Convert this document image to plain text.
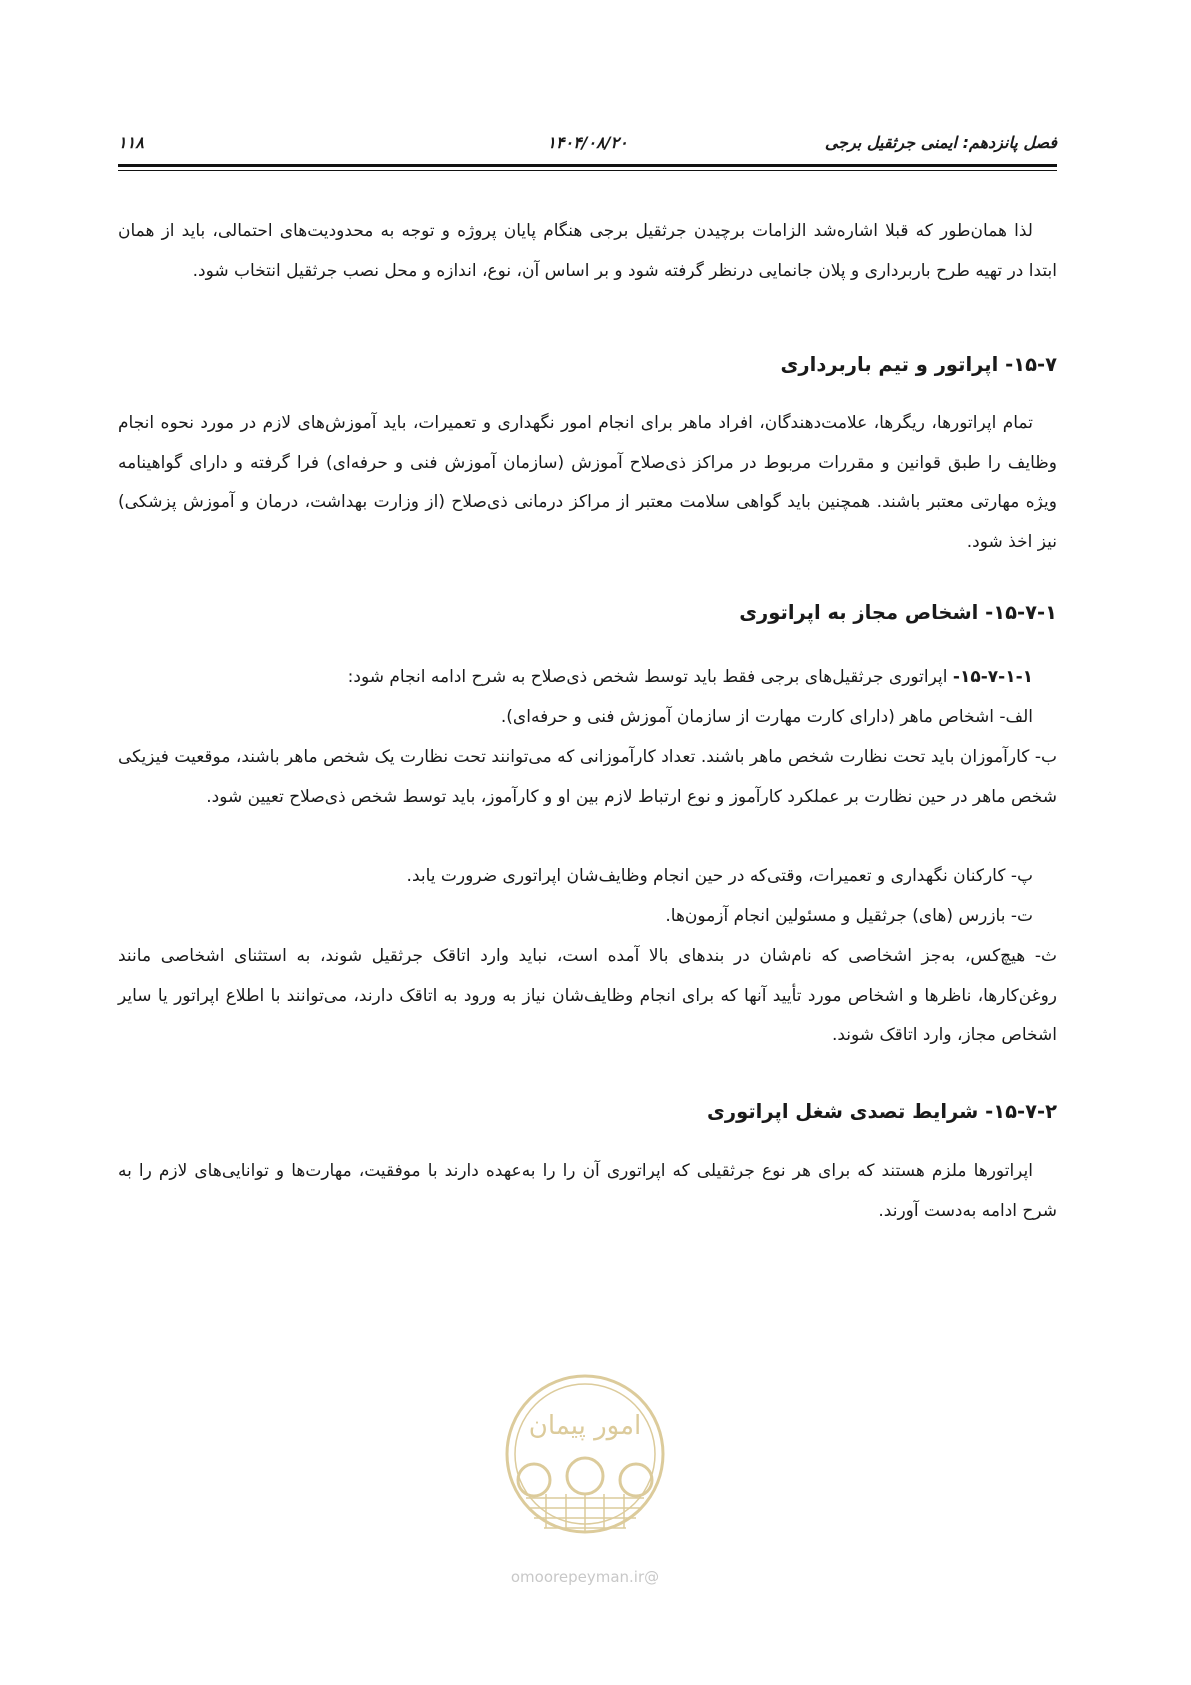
فصل پانزدهم: ایمنی جرثقیل برجی
۱۴۰۴/۰۸/۲۰
۱۱۸
لذا همان‌طور که قبلا اشاره‌شد الزامات برچیدن جرثقیل برجی هنگام پایان پروژه و توجه به محدودیت‌های احتمالی، باید از همان ابتدا در تهیه طرح باربرداری و پلان جانمایی درنظر گرفته شود و بر اساس آن، نوع، اندازه و محل نصب جرثقیل انتخاب شود.
۱۵-۷- اپراتور و تیم باربرداری
تمام اپراتورها، ریگرها، علامت‌دهندگان، افراد ماهر برای انجام امور نگهداری و تعمیرات، باید آموزش‌های لازم در مورد نحوه انجام وظایف را طبق قوانین و مقررات مربوط در مراکز ذی‌صلاح آموزش (سازمان آموزش فنی و حرفه‌ای) فرا گرفته و دارای گواهینامه ویژه مهارتی معتبر باشند. همچنین باید گواهی سلامت معتبر از مراکز درمانی ذی‌صلاح (از وزارت بهداشت، درمان و آموزش پزشکی) نیز اخذ شود.
۱۵-۷-۱- اشخاص مجاز به اپراتوری
۱۵-۷-۱-۱- اپراتوری جرثقیل‌های برجی فقط باید توسط شخص ذی‌صلاح به شرح ادامه انجام شود:
الف- اشخاص ماهر (دارای کارت مهارت از سازمان آموزش فنی و حرفه‌ای).
ب- کارآموزان باید تحت نظارت شخص ماهر باشند. تعداد کارآموزانی که می‌توانند تحت نظارت یک شخص ماهر باشند، موقعیت فیزیکی شخص ماهر در حین نظارت بر عملکرد کارآموز و نوع ارتباط لازم بین او و کارآموز، باید توسط شخص ذی‌صلاح تعیین شود.
پ- کارکنان نگهداری و تعمیرات، وقتی‌که در حین انجام وظایف‌شان اپراتوری ضرورت یابد.
ت- بازرس (های) جرثقیل و مسئولین انجام آزمون‌ها.
ث- هیچ‌کس، به‌جز اشخاصی که نام‌شان در بندهای بالا آمده است، نباید وارد اتاقک جرثقیل شوند، به استثنای اشخاصی مانند روغن‌کارها، ناظرها و اشخاص مورد تأیید آنها که برای انجام وظایف‌شان نیاز به ورود به اتاقک دارند، می‌توانند با اطلاع اپراتور یا سایر اشخاص مجاز، وارد اتاقک شوند.
۱۵-۷-۲- شرایط تصدی شغل اپراتوری
اپراتورها ملزم هستند که برای هر نوع جرثقیلی که اپراتوری آن را را به‌عهده دارند با موفقیت، مهارت‌ها و توانایی‌های لازم را به شرح ادامه به‌دست آورند.
امور پیمان
@omoorepeyman.ir
